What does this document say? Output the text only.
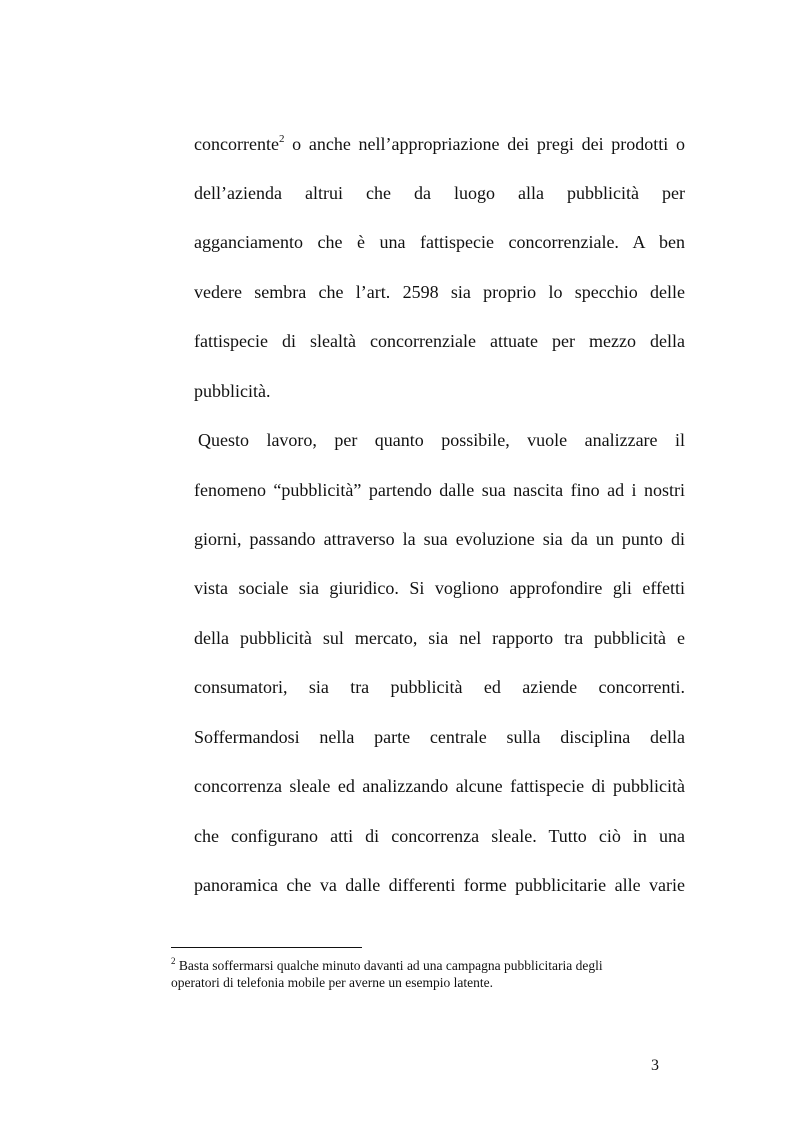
concorrente$^2$ o anche nell’appropriazione dei pregi dei prodotti o
dell’azienda altrui che da luogo alla pubblicità per
agganciamento che è una fattispecie concorrenziale. A ben
vedere sembra che l’art. 2598 sia proprio lo specchio delle
fattispecie di slealtà concorrenziale attuate per mezzo della
pubblicità.
Questo lavoro, per quanto possibile, vuole analizzare il
fenomeno “pubblicità” partendo dalle sua nascita fino ad i nostri
giorni, passando attraverso la sua evoluzione sia da un punto di
vista sociale sia giuridico. Si vogliono approfondire gli effetti
della pubblicità sul mercato, sia nel rapporto tra pubblicità e
consumatori, sia tra pubblicità ed aziende concorrenti.
Soffermandosi nella parte centrale sulla disciplina della
concorrenza sleale ed analizzando alcune fattispecie di pubblicità
che configurano atti di concorrenza sleale. Tutto ciò in una
panoramica che va dalle differenti forme pubblicitarie alle varie
$^2$ Basta soffermarsi qualche minuto davanti ad una campagna pubblicitaria degli
operatori di telefonia mobile per averne un esempio latente.
3
